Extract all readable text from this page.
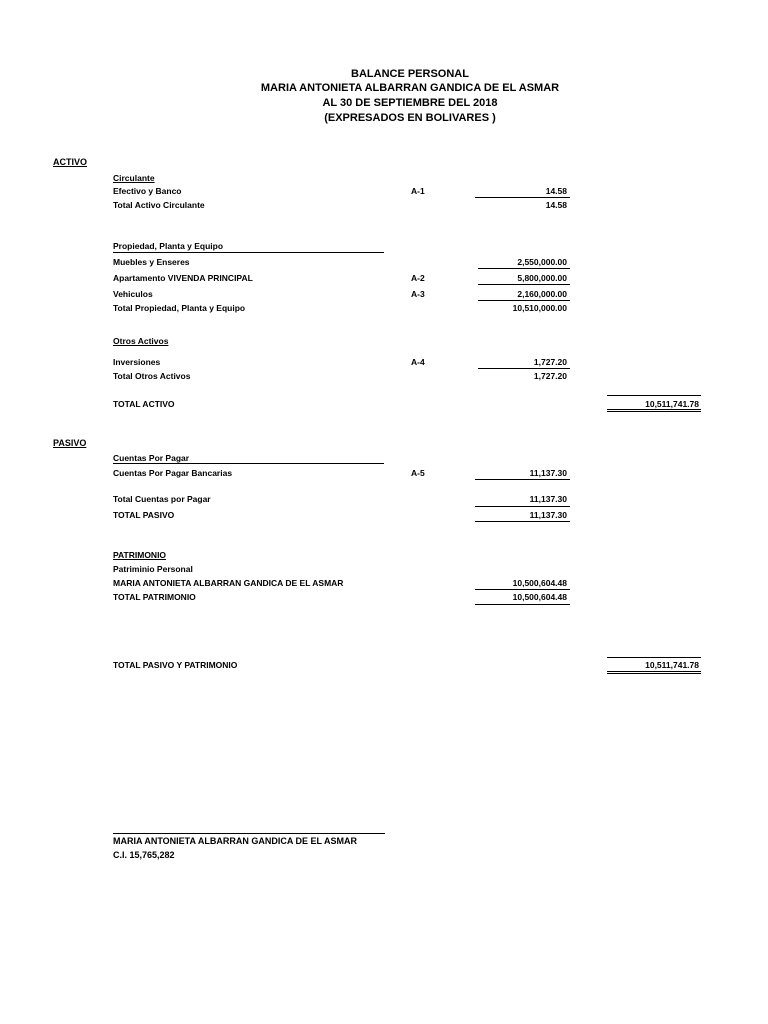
BALANCE PERSONAL
MARIA ANTONIETA ALBARRAN GANDICA DE EL ASMAR
AL 30 DE SEPTIEMBRE DEL 2018
(EXPRESADOS EN BOLIVARES )
ACTIVO
Circulante
Efectivo y Banco	A-1	14.58
Total Activo Circulante	14.58
Propiedad, Planta y Equipo
Muebles y Enseres	2,550,000.00
Apartamento VIVENDA PRINCIPAL	A-2	5,800,000.00
Vehiculos	A-3	2,160,000.00
Total Propiedad, Planta y Equipo	10,510,000.00
Otros Activos
Inversiones	A-4	1,727.20
Total Otros Activos	1,727.20
TOTAL ACTIVO	10,511,741.78
PASIVO
Cuentas Por Pagar
Cuentas Por Pagar Bancarias	A-5	11,137.30
Total Cuentas por Pagar	11,137.30
TOTAL PASIVO	11,137.30
PATRIMONIO
Patriminio Personal
MARIA ANTONIETA ALBARRAN GANDICA DE EL ASMAR	10,500,604.48
TOTAL PATRIMONIO	10,500,604.48
TOTAL PASIVO Y PATRIMONIO	10,511,741.78
MARIA ANTONIETA ALBARRAN GANDICA DE EL ASMAR
C.I. 15,765,282
